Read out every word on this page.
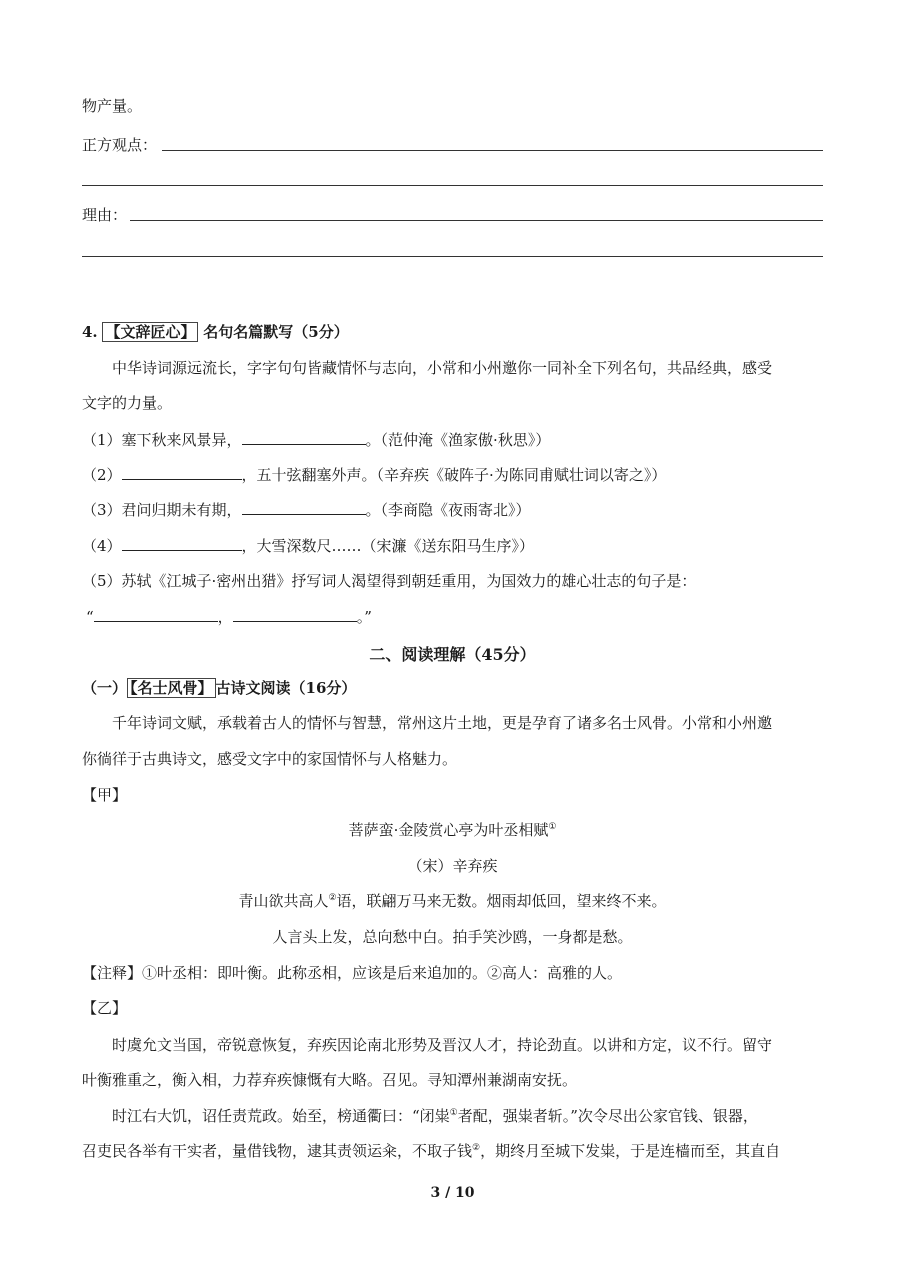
物产量。
正方观点：
理由：
4. 【文辞匠心】 名句名篇默写（5分）
中华诗词源远流长，字字句句皆藏情怀与志向，小常和小州邀你一同补全下列名句，共品经典，感受
文字的力量。
（1）塞下秋来风景异，	。（范仲淹《渔家傲·秋思》）
（2）	，五十弦翻塞外声。（辛弃疾《破阵子·为陈同甫赋壮词以寄之》）
（3）君问归期未有期，	。（李商隐《夜雨寄北》）
（4）	，大雪深数尺……（宋濂《送东阳马生序》）
（5）苏轼《江城子·密州出猎》抒写词人渴望得到朝廷重用，为国效力的雄心壮志的句子是：
“	，	。”
二、阅读理解（45分）
（一） 【名士风骨】 古诗文阅读（16分）
千年诗词文赋，承载着古人的情怀与智慧，常州这片土地，更是孕育了诸多名士风骨。小常和小州邀
你徜徉于古典诗文，感受文字中的家国情怀与人格魅力。
【甲】
菩萨蛮·金陵赏心亭为叶丞相赋①
（宋）辛弃疾
青山欲共高人②语，联翩万马来无数。烟雨却低回，望来终不来。
人言头上发，总向愁中白。拍手笑沙鸥，一身都是愁。
【注释】①叶丞相：即叶衡。此称丞相，应该是后来追加的。②高人：高雅的人。
【乙】
时虞允文当国，帝锐意恢复，弃疾因论南北形势及晋汉人才，持论劲直。以讲和方定，议不行。留守
叶衡雅重之，衡入相，力荐弃疾慷慨有大略。召见。寻知潭州兼湖南安抚。
时江右大饥，诏任责荒政。始至，榜通衢曰：“闭粜①者配，强粜者斩。”次令尽出公家官钱、银器，
召吏民各举有干实者，量借钱物，逮其责领运籴，不取子钱②，期终月至城下发粜，于是连樯而至，其直自
3 / 10
